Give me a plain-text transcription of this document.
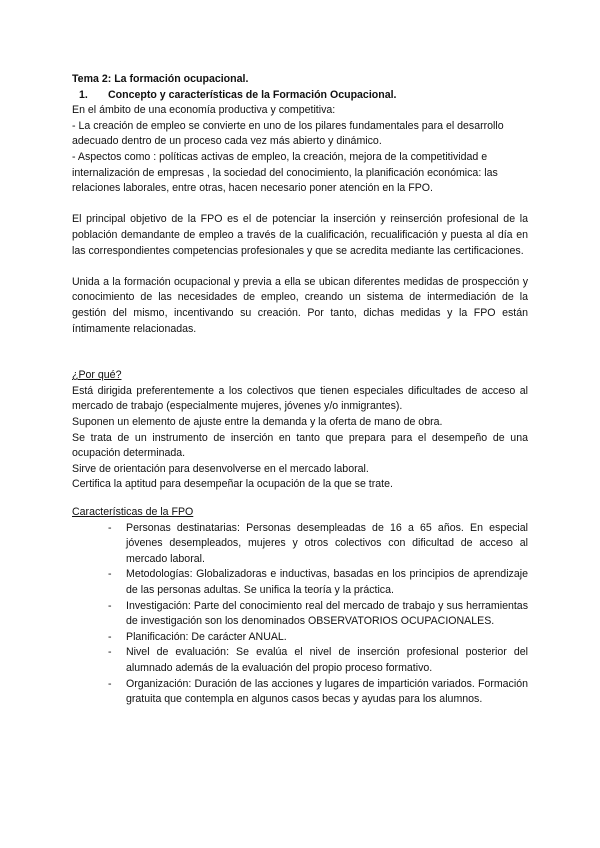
Tema 2: La formación ocupacional.

1. Concepto y características de la Formación Ocupacional.

En el ámbito de una economía productiva y competitiva:

- La creación de empleo se convierte en uno de los pilares fundamentales para el desarrollo adecuado dentro de un proceso cada vez más abierto y dinámico.

- Aspectos como : políticas activas de empleo, la creación, mejora de la competitividad e internalización de empresas , la sociedad del conocimiento, la planificación económica: las relaciones laborales, entre otras, hacen necesario poner atención en la FPO.

El principal objetivo de la FPO es el de potenciar la inserción y reinserción profesional de la población demandante de empleo a través de la cualificación, recualificación y puesta al día en las correspondientes competencias profesionales y que se acredita mediante las certificaciones.

Unida a la formación ocupacional y previa a ella se ubican diferentes medidas de prospección y conocimiento de las necesidades de empleo, creando un sistema de intermediación de la gestión del mismo, incentivando su creación. Por tanto, dichas medidas y la FPO están íntimamente relacionadas.

¿Por qué?

Está dirigida preferentemente a los colectivos que tienen especiales dificultades de acceso al mercado de trabajo (especialmente mujeres, jóvenes y/o inmigrantes).

Suponen un elemento de ajuste entre la demanda y la oferta de mano de obra.

Se trata de un instrumento de inserción en tanto que prepara para el desempeño de una ocupación determinada.

Sirve de orientación para desenvolverse en el mercado laboral.

Certifica la aptitud para desempeñar la ocupación de la que se trate.

Características de la FPO

- Personas destinatarias: Personas desempleadas de 16 a 65 años. En especial jóvenes desempleados, mujeres y otros colectivos con dificultad de acceso al mercado laboral.
- Metodologías: Globalizadoras e inductivas, basadas en los principios de aprendizaje de las personas adultas. Se unifica la teoría y la práctica.
- Investigación: Parte del conocimiento real del mercado de trabajo y sus herramientas de investigación son los denominados OBSERVATORIOS OCUPACIONALES.
- Planificación: De carácter ANUAL.
- Nivel de evaluación: Se evalúa el nivel de inserción profesional posterior del alumnado además de la evaluación del propio proceso formativo.
- Organización: Duración de las acciones y lugares de impartición variados. Formación gratuita que contempla en algunos casos becas y ayudas para los alumnos.
